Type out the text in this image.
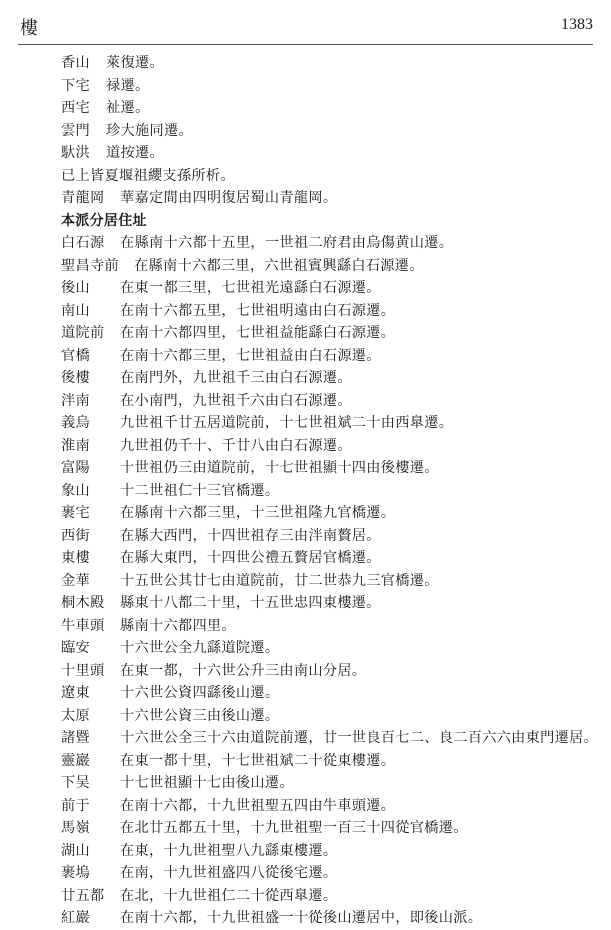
樓	1383
香山 萊復遷。
下宅 禄遷。
西宅 祉遷。
雲門 珍大施同遷。
馱洪 道按遷。
已上皆夏堰祖纓支孫所析。
青龍岡 華嘉定間由四明復居蜀山青龍岡。
本派分居住址
白石源 在縣南十六都十五里，一世祖二府君由烏傷黄山遷。
聖昌寺前 在縣南十六都三里，六世祖賓興繇白石源遷。
後山 在東一都三里，七世祖光遠繇白石源遷。
南山 在南十六都五里，七世祖明遠由白石源遷。
道院前 在南十六都四里，七世祖益能繇白石源遷。
官橋 在南十六都三里，七世祖益由白石源遷。
後樓 在南門外，九世祖千三由白石源遷。
泮南 在小南門，九世祖千六由白石源遷。
義烏 九世祖千廿五居道院前，十七世祖斌二十由西臯遷。
淮南 九世祖仍千十、千廿八由白石源遷。
富陽 十世祖仍三由道院前，十七世祖顯十四由後樓遷。
象山 十二世祖仁十三官橋遷。
裹宅 在縣南十六都三里，十三世祖隆九官橋遷。
西街 在縣大西門，十四世祖存三由泮南贅居。
東樓 在縣大東門，十四世公禮五贅居官橋遷。
金華 十五世公其廿七由道院前，廿二世恭九三官橋遷。
桐木殿 縣東十八都二十里，十五世忠四東樓遷。
牛車頭 縣南十六都四里。
臨安 十六世公全九繇道院遷。
十里頭 在東一都，十六世公升三由南山分居。
遼東 十六世公資四繇後山遷。
太原 十六世公資三由後山遷。
諸暨 十六世公全三十六由道院前遷，廿一世良百七二、良二百六六由東門遷居。
靈巖 在東一都十里，十七世祖斌二十從東樓遷。
下吴 十七世祖顯十七由後山遷。
前于 在南十六都，十九世祖聖五四由牛車頭遷。
馬嶺 在北廿五都五十里，十九世祖聖一百三十四從官橋遷。
湖山 在東，十九世祖聖八九繇東樓遷。
裹塢 在南，十九世祖盛四八從後宅遷。
廿五都 在北，十九世祖仁二十從西臯遷。
紅巖 在南十六都，十九世祖盛一十從後山遷居中，即後山派。
